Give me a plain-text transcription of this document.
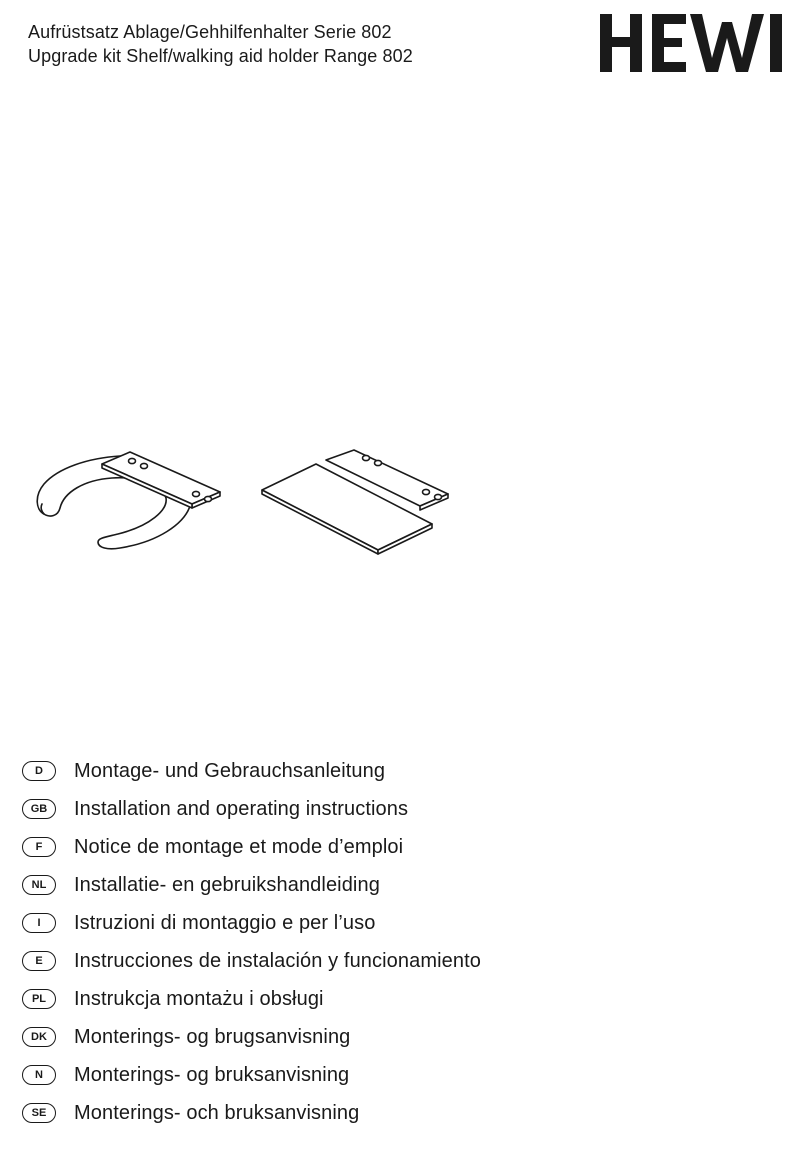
Aufrüstsatz Ablage/Gehhilfenhalter Serie 802
Upgrade kit Shelf/walking aid holder Range 802
D	Montage- und Gebrauchsanleitung
GB	Installation and operating instructions
F	Notice de montage et mode d’emploi
NL	Installatie- en gebruikshandleiding
I	Istruzioni di montaggio e per l’uso
E	Instrucciones de instalación y funcionamiento
PL	Instrukcja montażu i obsługi
DK	Monterings- og brugsanvisning
N	Monterings- og bruksanvisning
SE	Monterings- och bruksanvisning
